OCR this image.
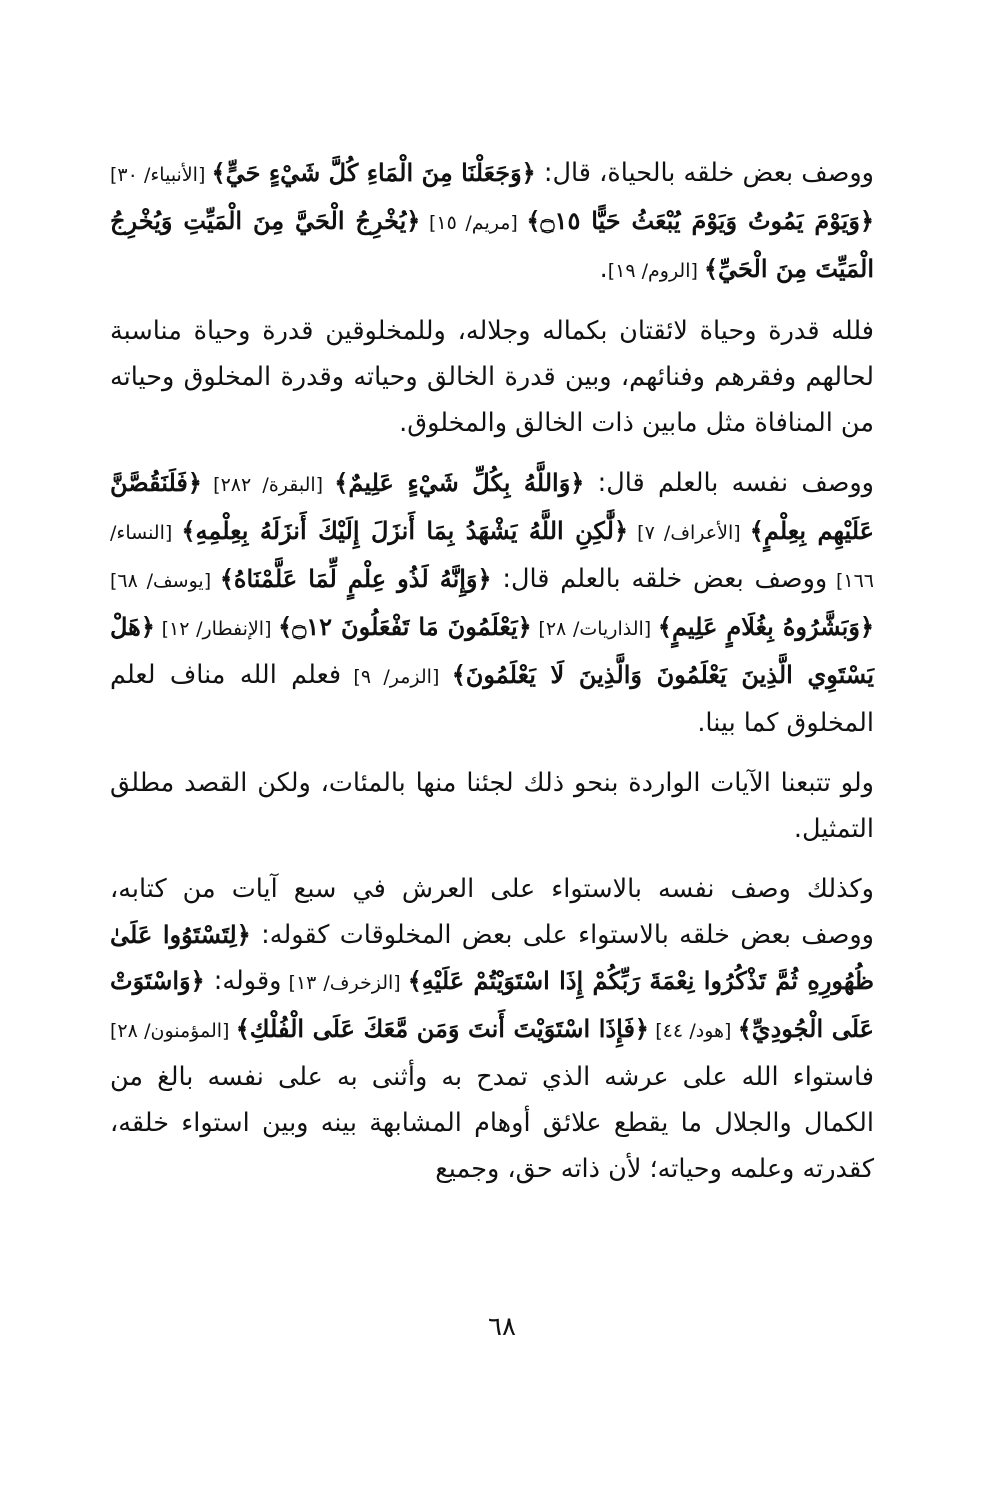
ووصف بعض خلقه بالحياة، قال: ﴿وَجَعَلْنَا مِنَ الْمَاءِ كُلَّ شَيْءٍ حَيٍّ﴾ [الأنبياء/ ٣٠] ﴿وَيَوْمَ يَمُوتُ وَيَوْمَ يُبْعَثُ حَيًّا ۝١٥﴾ [مريم/ ١٥] ﴿يُخْرِجُ الْحَيَّ مِنَ الْمَيِّتِ وَيُخْرِجُ الْمَيِّتَ مِنَ الْحَيِّ﴾ [الروم/ ١٩].

فلله قدرة وحياة لائقتان بكماله وجلاله، وللمخلوقين قدرة وحياة مناسبة لحالهم وفقرهم وفنائهم، وبين قدرة الخالق وحياته وقدرة المخلوق وحياته من المنافاة مثل مابين ذات الخالق والمخلوق.

ووصف نفسه بالعلم قال: ﴿وَاللَّهُ بِكُلِّ شَيْءٍ عَلِيمٌ﴾ [البقرة/ ٢٨٢] ﴿فَلَنَقُصَّنَّ عَلَيْهِم بِعِلْمٍ﴾ [الأعراف/ ٧] ﴿لَّٰكِنِ اللَّهُ يَشْهَدُ بِمَا أَنزَلَ إِلَيْكَ أَنزَلَهُ بِعِلْمِهِ﴾ [النساء/ ١٦٦] ووصف بعض خلقه بالعلم قال: ﴿وَإِنَّهُ لَذُو عِلْمٍ لِّمَا عَلَّمْنَاهُ﴾ [يوسف/ ٦٨] ﴿وَبَشَّرُوهُ بِغُلَامٍ عَلِيمٍ﴾ [الذاريات/ ٢٨] ﴿يَعْلَمُونَ مَا تَفْعَلُونَ ۝١٢﴾ [الإنفطار/ ١٢] ﴿هَلْ يَسْتَوِي الَّذِينَ يَعْلَمُونَ وَالَّذِينَ لَا يَعْلَمُونَ﴾ [الزمر/ ٩] فعلم الله مناف لعلم المخلوق كما بينا.

ولو تتبعنا الآيات الواردة بنحو ذلك لجئنا منها بالمئات، ولكن القصد مطلق التمثيل.

وكذلك وصف نفسه بالاستواء على العرش في سبع آيات من كتابه، ووصف بعض خلقه بالاستواء على بعض المخلوقات كقوله: ﴿لِتَسْتَوُوا عَلَىٰ ظُهُورِهِ ثُمَّ تَذْكُرُوا نِعْمَةَ رَبِّكُمْ إِذَا اسْتَوَيْتُمْ عَلَيْهِ﴾ [الزخرف/ ١٣] وقوله: ﴿وَاسْتَوَتْ عَلَى الْجُودِيِّ﴾ [هود/ ٤٤] ﴿فَإِذَا اسْتَوَيْتَ أَنتَ وَمَن مَّعَكَ عَلَى الْفُلْكِ﴾ [المؤمنون/ ٢٨] فاستواء الله على عرشه الذي تمدح به وأثنى به على نفسه بالغ من الكمال والجلال ما يقطع علائق أوهام المشابهة بينه وبين استواء خلقه، كقدرته وعلمه وحياته؛ لأن ذاته حق، وجميع

٦٨
